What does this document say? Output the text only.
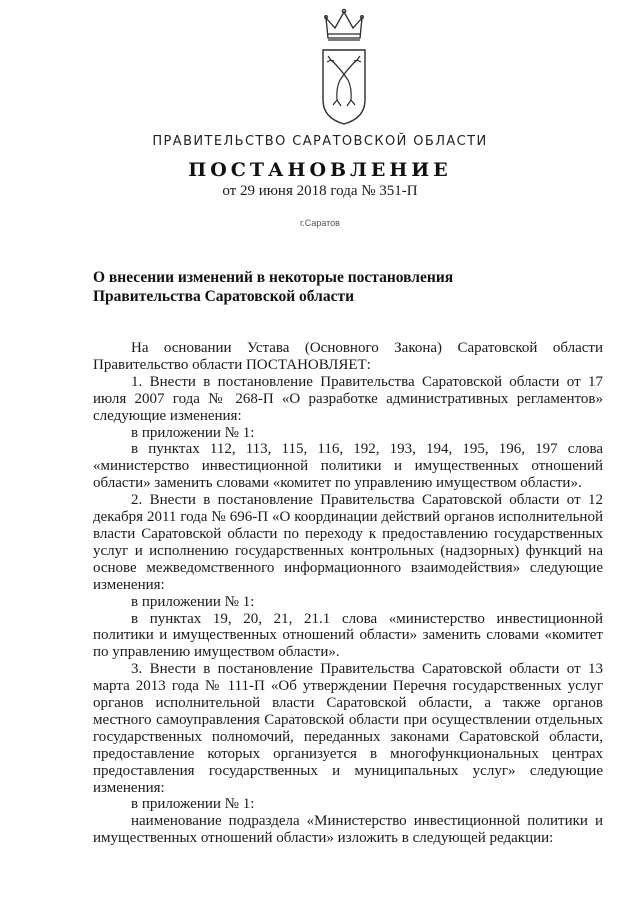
ПРАВИТЕЛЬСТВО САРАТОВСКОЙ ОБЛАСТИ
ПОСТАНОВЛЕНИЕ
от 29 июня 2018 года № 351-П
г.Саратов
О внесении изменений в некоторые постановления
Правительства Саратовской области

На основании Устава (Основного Закона) Саратовской области Правительство области ПОСТАНОВЛЯЕТ:

1. Внести в постановление Правительства Саратовской области от 17 июля 2007 года № 268-П «О разработке административных регламентов» следующие изменения:

в приложении № 1:

в пунктах 112, 113, 115, 116, 192, 193, 194, 195, 196, 197 слова «министерство инвестиционной политики и имущественных отношений области» заменить словами «комитет по управлению имуществом области».

2. Внести в постановление Правительства Саратовской области от 12 декабря 2011 года № 696-П «О координации действий органов исполнительной власти Саратовской области по переходу к предоставлению государственных услуг и исполнению государственных контрольных (надзорных) функций на основе межведомственного информационного взаимодействия» следующие изменения:

в приложении № 1:

в пунктах 19, 20, 21, 21.1 слова «министерство инвестиционной политики и имущественных отношений области» заменить словами «комитет по управлению имуществом области».

3. Внести в постановление Правительства Саратовской области от 13 марта 2013 года № 111-П «Об утверждении Перечня государственных услуг органов исполнительной власти Саратовской области, а также органов местного самоуправления Саратовской области при осуществлении отдельных государственных полномочий, переданных законами Саратовской области, предоставление которых организуется в многофункциональных центрах предоставления государственных и муниципальных услуг» следующие изменения:

в приложении № 1:

наименование подраздела «Министерство инвестиционной политики и имущественных отношений области» изложить в следующей редакции:
